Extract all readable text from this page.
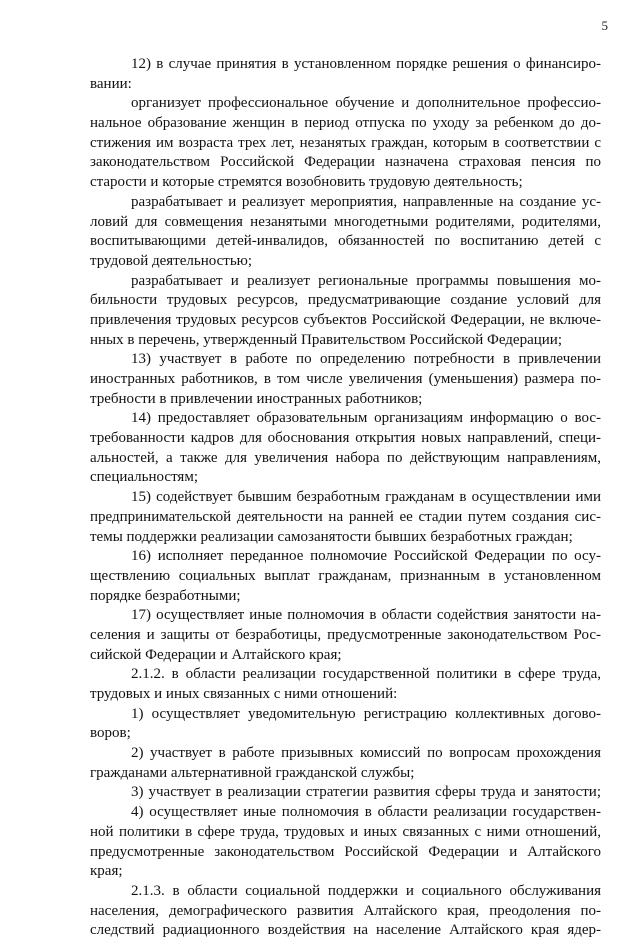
5
12) в случае принятия в установленном порядке решения о финансиро-
вании:
организует профессиональное обучение и дополнительное профессио-
нальное образование женщин в период отпуска по уходу за ребенком до до-
стижения им возраста трех лет, незанятых граждан, которым в соответствии с
законодательством Российской Федерации назначена страховая пенсия по
старости и которые стремятся возобновить трудовую деятельность;
разрабатывает и реализует мероприятия, направленные на создание ус-
ловий для совмещения незанятыми многодетными родителями, родителями,
воспитывающими детей-инвалидов, обязанностей по воспитанию детей с
трудовой деятельностью;
разрабатывает и реализует региональные программы повышения мо-
бильности трудовых ресурсов, предусматривающие создание условий для
привлечения трудовых ресурсов субъектов Российской Федерации, не включе-
нных в перечень, утвержденный Правительством Российской Федерации;
13) участвует в работе по определению потребности в привлечении
иностранных работников, в том числе увеличения (уменьшения) размера по-
требности в привлечении иностранных работников;
14) предоставляет образовательным организациям информацию о вос-
требованности кадров для обоснования открытия новых направлений, специ-
альностей, а также для увеличения набора по действующим направлениям,
специальностям;
15) содействует бывшим безработным гражданам в осуществлении ими
предпринимательской деятельности на ранней ее стадии путем создания сис-
темы поддержки реализации самозанятости бывших безработных граждан;
16) исполняет переданное полномочие Российской Федерации по осу-
ществлению социальных выплат гражданам, признанным в установленном
порядке безработными;
17) осуществляет иные полномочия в области содействия занятости на-
селения и защиты от безработицы, предусмотренные законодательством Рос-
сийской Федерации и Алтайского края;
2.1.2. в области реализации государственной политики в сфере труда,
трудовых и иных связанных с ними отношений:
1) осуществляет уведомительную регистрацию коллективных догово-
воров;
2) участвует в работе призывных комиссий по вопросам прохождения
гражданами альтернативной гражданской службы;
3) участвует в реализации стратегии развития сферы труда и занятости;
4) осуществляет иные полномочия в области реализации государствен-
ной политики в сфере труда, трудовых и иных связанных с ними отношений,
предусмотренные законодательством Российской Федерации и Алтайского
края;
2.1.3. в области социальной поддержки и социального обслуживания
населения, демографического развития Алтайского края, преодоления по-
следствий радиационного воздействия на население Алтайского края ядер-
